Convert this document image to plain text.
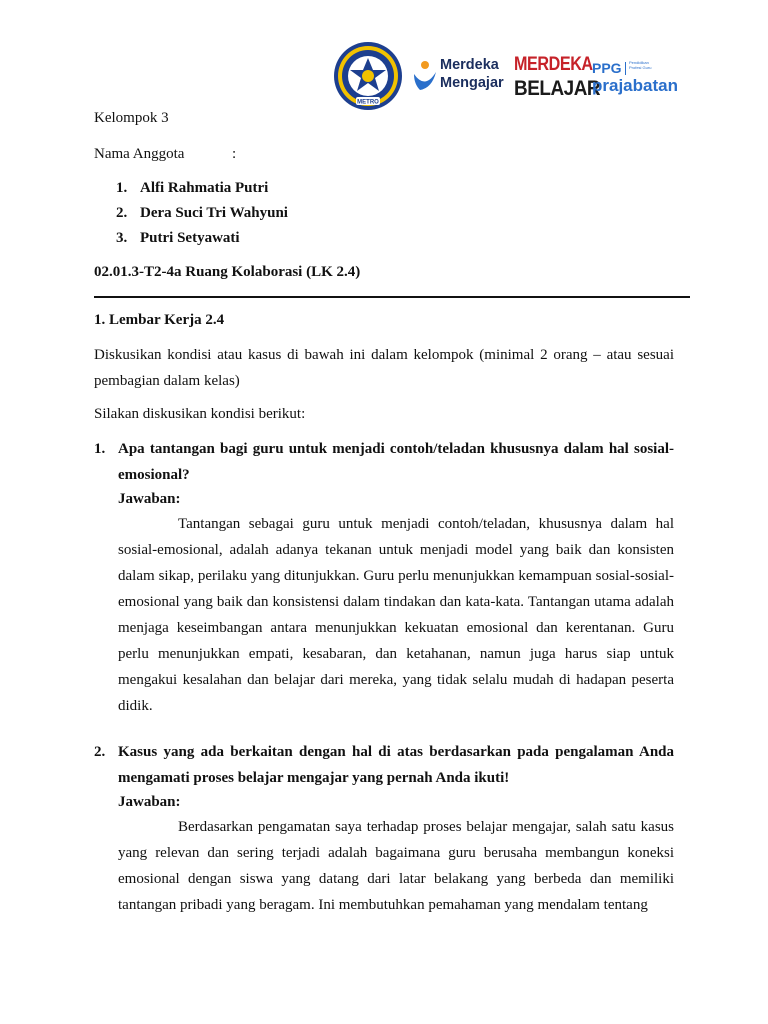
METRO
Merdeka
Mengajar
MERDEKA
BELAJAR
PPG Pendidikan Profesi Guru
prajabatan
Kelompok 3
Nama Anggota	:
1. Alfi Rahmatia Putri
2. Dera Suci Tri Wahyuni
3. Putri Setyawati
02.01.3-T2-4a Ruang Kolaborasi (LK 2.4)
1. Lembar Kerja 2.4
Diskusikan kondisi atau kasus di bawah ini dalam kelompok (minimal 2 orang – atau sesuai pembagian dalam kelas)
Silakan diskusikan kondisi berikut:
1. Apa tantangan bagi guru untuk menjadi contoh/teladan khususnya dalam hal sosial-emosional?
Jawaban:
Tantangan sebagai guru untuk menjadi contoh/teladan, khususnya dalam hal sosial-emosional, adalah adanya tekanan untuk menjadi model yang baik dan konsisten dalam sikap, perilaku yang ditunjukkan. Guru perlu menunjukkan kemampuan sosial-sosial-emosional yang baik dan konsistensi dalam tindakan dan kata-kata. Tantangan utama adalah menjaga keseimbangan antara menunjukkan kekuatan emosional dan kerentanan. Guru perlu menunjukkan empati, kesabaran, dan ketahanan, namun juga harus siap untuk mengakui kesalahan dan belajar dari mereka, yang tidak selalu mudah di hadapan peserta didik.
2. Kasus yang ada berkaitan dengan hal di atas berdasarkan pada pengalaman Anda mengamati proses belajar mengajar yang pernah Anda ikuti!
Jawaban:
Berdasarkan pengamatan saya terhadap proses belajar mengajar, salah satu kasus yang relevan dan sering terjadi adalah bagaimana guru berusaha membangun koneksi emosional dengan siswa yang datang dari latar belakang yang berbeda dan memiliki tantangan pribadi yang beragam. Ini membutuhkan pemahaman yang mendalam tentang
